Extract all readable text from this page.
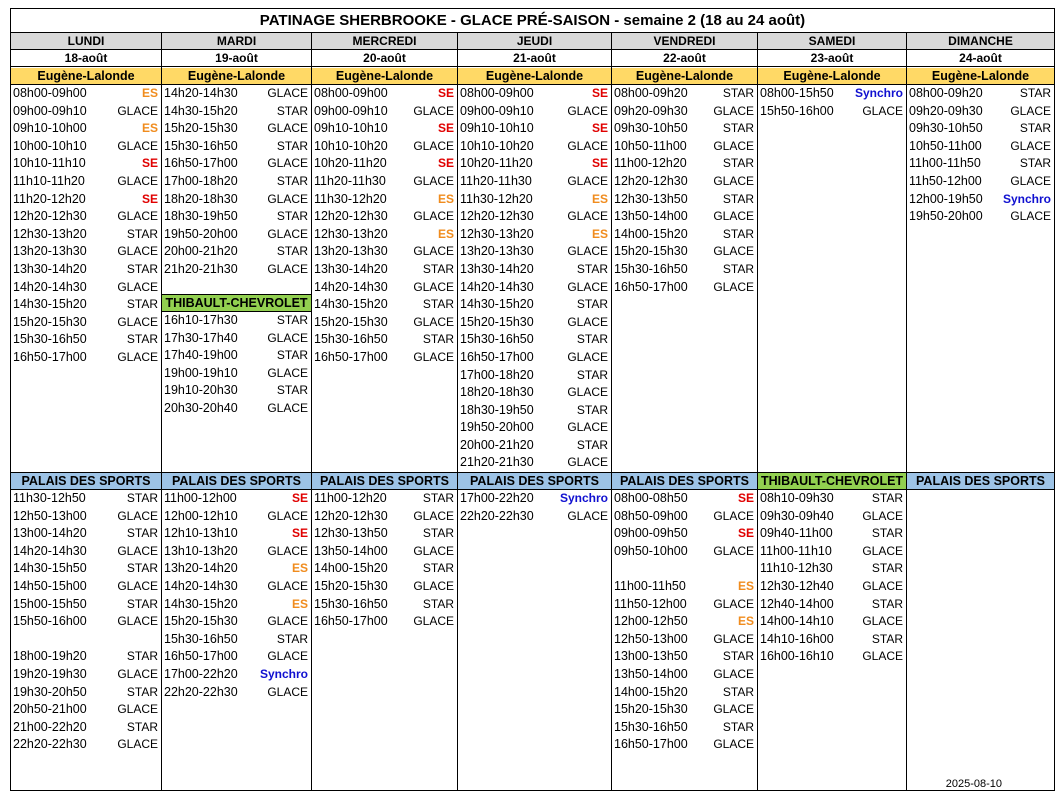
PATINAGE SHERBROOKE - GLACE PRÉ-SAISON - semaine 2 (18 au 24 août)
LUNDI
18-août
Eugène-Lalonde
08h00-09h00	ES
09h00-09h10	GLACE
09h10-10h00	ES
10h00-10h10	GLACE
10h10-11h10	SE
11h10-11h20	GLACE
11h20-12h20	SE
12h20-12h30	GLACE
12h30-13h20	STAR
13h20-13h30	GLACE
13h30-14h20	STAR
14h20-14h30	GLACE
14h30-15h20	STAR
15h20-15h30	GLACE
15h30-16h50	STAR
16h50-17h00	GLACE
PALAIS DES SPORTS
11h30-12h50	STAR
12h50-13h00	GLACE
13h00-14h20	STAR
14h20-14h30	GLACE
14h30-15h50	STAR
14h50-15h00	GLACE
15h00-15h50	STAR
15h50-16h00	GLACE
18h00-19h20	STAR
19h20-19h30	GLACE
19h30-20h50	STAR
20h50-21h00	GLACE
21h00-22h20	STAR
22h20-22h30	GLACE
MARDI
19-août
Eugène-Lalonde
14h20-14h30 GLACE
14h30-15h20	STAR
15h20-15h30 GLACE
15h30-16h50	STAR
16h50-17h00 GLACE
17h00-18h20	STAR
18h20-18h30 GLACE
18h30-19h50	STAR
19h50-20h00 GLACE
20h00-21h20	STAR
21h20-21h30 GLACE
THIBAULT-CHEVROLET
16h10-17h30	STAR
17h30-17h40 GLACE
17h40-19h00	STAR
19h00-19h10 GLACE
19h10-20h30	STAR
20h30-20h40 GLACE
PALAIS DES SPORTS
11h00-12h00	SE
12h00-12h10 GLACE
12h10-13h10	SE
13h10-13h20 GLACE
13h20-14h20	ES
14h20-14h30 GLACE
14h30-15h20	ES
15h20-15h30 GLACE
15h30-16h50	STAR
16h50-17h00 GLACE
17h00-22h20 Synchro
22h20-22h30 GLACE
MERCREDI
20-août
Eugène-Lalonde
08h00-09h00	SE
09h00-09h10 GLACE
09h10-10h10	SE
10h10-10h20 GLACE
10h20-11h20	SE
11h20-11h30 GLACE
11h30-12h20	ES
12h20-12h30 GLACE
12h30-13h20	ES
13h20-13h30 GLACE
13h30-14h20	STAR
14h20-14h30 GLACE
14h30-15h20	STAR
15h20-15h30 GLACE
15h30-16h50	STAR
16h50-17h00 GLACE
PALAIS DES SPORTS
11h00-12h20	STAR
12h20-12h30 GLACE
12h30-13h50	STAR
13h50-14h00 GLACE
14h00-15h20	STAR
15h20-15h30 GLACE
15h30-16h50	STAR
16h50-17h00 GLACE
JEUDI
21-août
Eugène-Lalonde
08h00-09h00	SE
09h00-09h10	GLACE
09h10-10h10	SE
10h10-10h20	GLACE
10h20-11h20	SE
11h20-11h30	GLACE
11h30-12h20	ES
12h20-12h30	GLACE
12h30-13h20	ES
13h20-13h30	GLACE
13h30-14h20	STAR
14h20-14h30	GLACE
14h30-15h20	STAR
15h20-15h30	GLACE
15h30-16h50	STAR
16h50-17h00	GLACE
17h00-18h20	STAR
18h20-18h30	GLACE
18h30-19h50	STAR
19h50-20h00	GLACE
20h00-21h20	STAR
21h20-21h30	GLACE
PALAIS DES SPORTS
17h00-22h20 Synchro
22h20-22h30	GLACE
VENDREDI
22-août
Eugène-Lalonde
08h00-09h20	STAR
09h20-09h30 GLACE
09h30-10h50	STAR
10h50-11h00 GLACE
11h00-12h20	STAR
12h20-12h30 GLACE
12h30-13h50	STAR
13h50-14h00 GLACE
14h00-15h20	STAR
15h20-15h30 GLACE
15h30-16h50	STAR
16h50-17h00 GLACE
PALAIS DES SPORTS
08h00-08h50	SE
08h50-09h00 GLACE
09h00-09h50	SE
09h50-10h00 GLACE
11h00-11h50	ES
11h50-12h00 GLACE
12h00-12h50	ES
12h50-13h00 GLACE
13h00-13h50	STAR
13h50-14h00 GLACE
14h00-15h20	STAR
15h20-15h30 GLACE
15h30-16h50	STAR
16h50-17h00 GLACE
SAMEDI
23-août
Eugène-Lalonde
08h00-15h50 Synchro
15h50-16h00 GLACE
THIBAULT-CHEVROLET
08h10-09h30	STAR
09h30-09h40 GLACE
09h40-11h00	STAR
11h00-11h10	GLACE
11h10-12h30	STAR
12h30-12h40 GLACE
12h40-14h00	STAR
14h00-14h10 GLACE
14h10-16h00	STAR
16h00-16h10 GLACE
DIMANCHE
24-août
Eugène-Lalonde
08h00-09h20	STAR
09h20-09h30 GLACE
09h30-10h50	STAR
10h50-11h00 GLACE
11h00-11h50	STAR
11h50-12h00 GLACE
12h00-19h50 Synchro
19h50-20h00 GLACE
PALAIS DES SPORTS
2025-08-10
